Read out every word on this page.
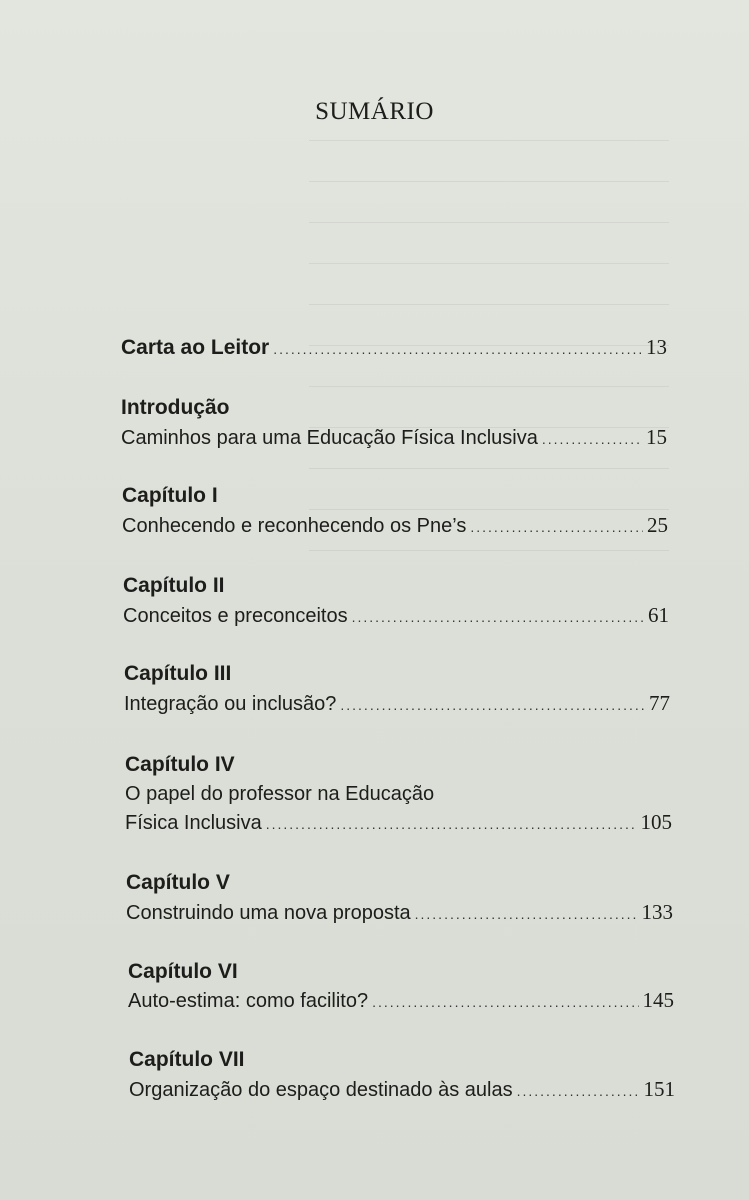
SUMÁRIO
Carta ao Leitor .....	13
Introdução
Caminhos para uma Educação Física Inclusiva .....	15
Capítulo I
Conhecendo e reconhecendo os Pne’s .....	25
Capítulo II
Conceitos e preconceitos .....	61
Capítulo III
Integração ou inclusão? .....	77
Capítulo IV
O papel do professor na Educação
Física Inclusiva .....	105
Capítulo V
Construindo uma nova proposta .....	133
Capítulo VI
Auto-estima: como facilito? .....	145
Capítulo VII
Organização do espaço destinado às aulas .....	151
